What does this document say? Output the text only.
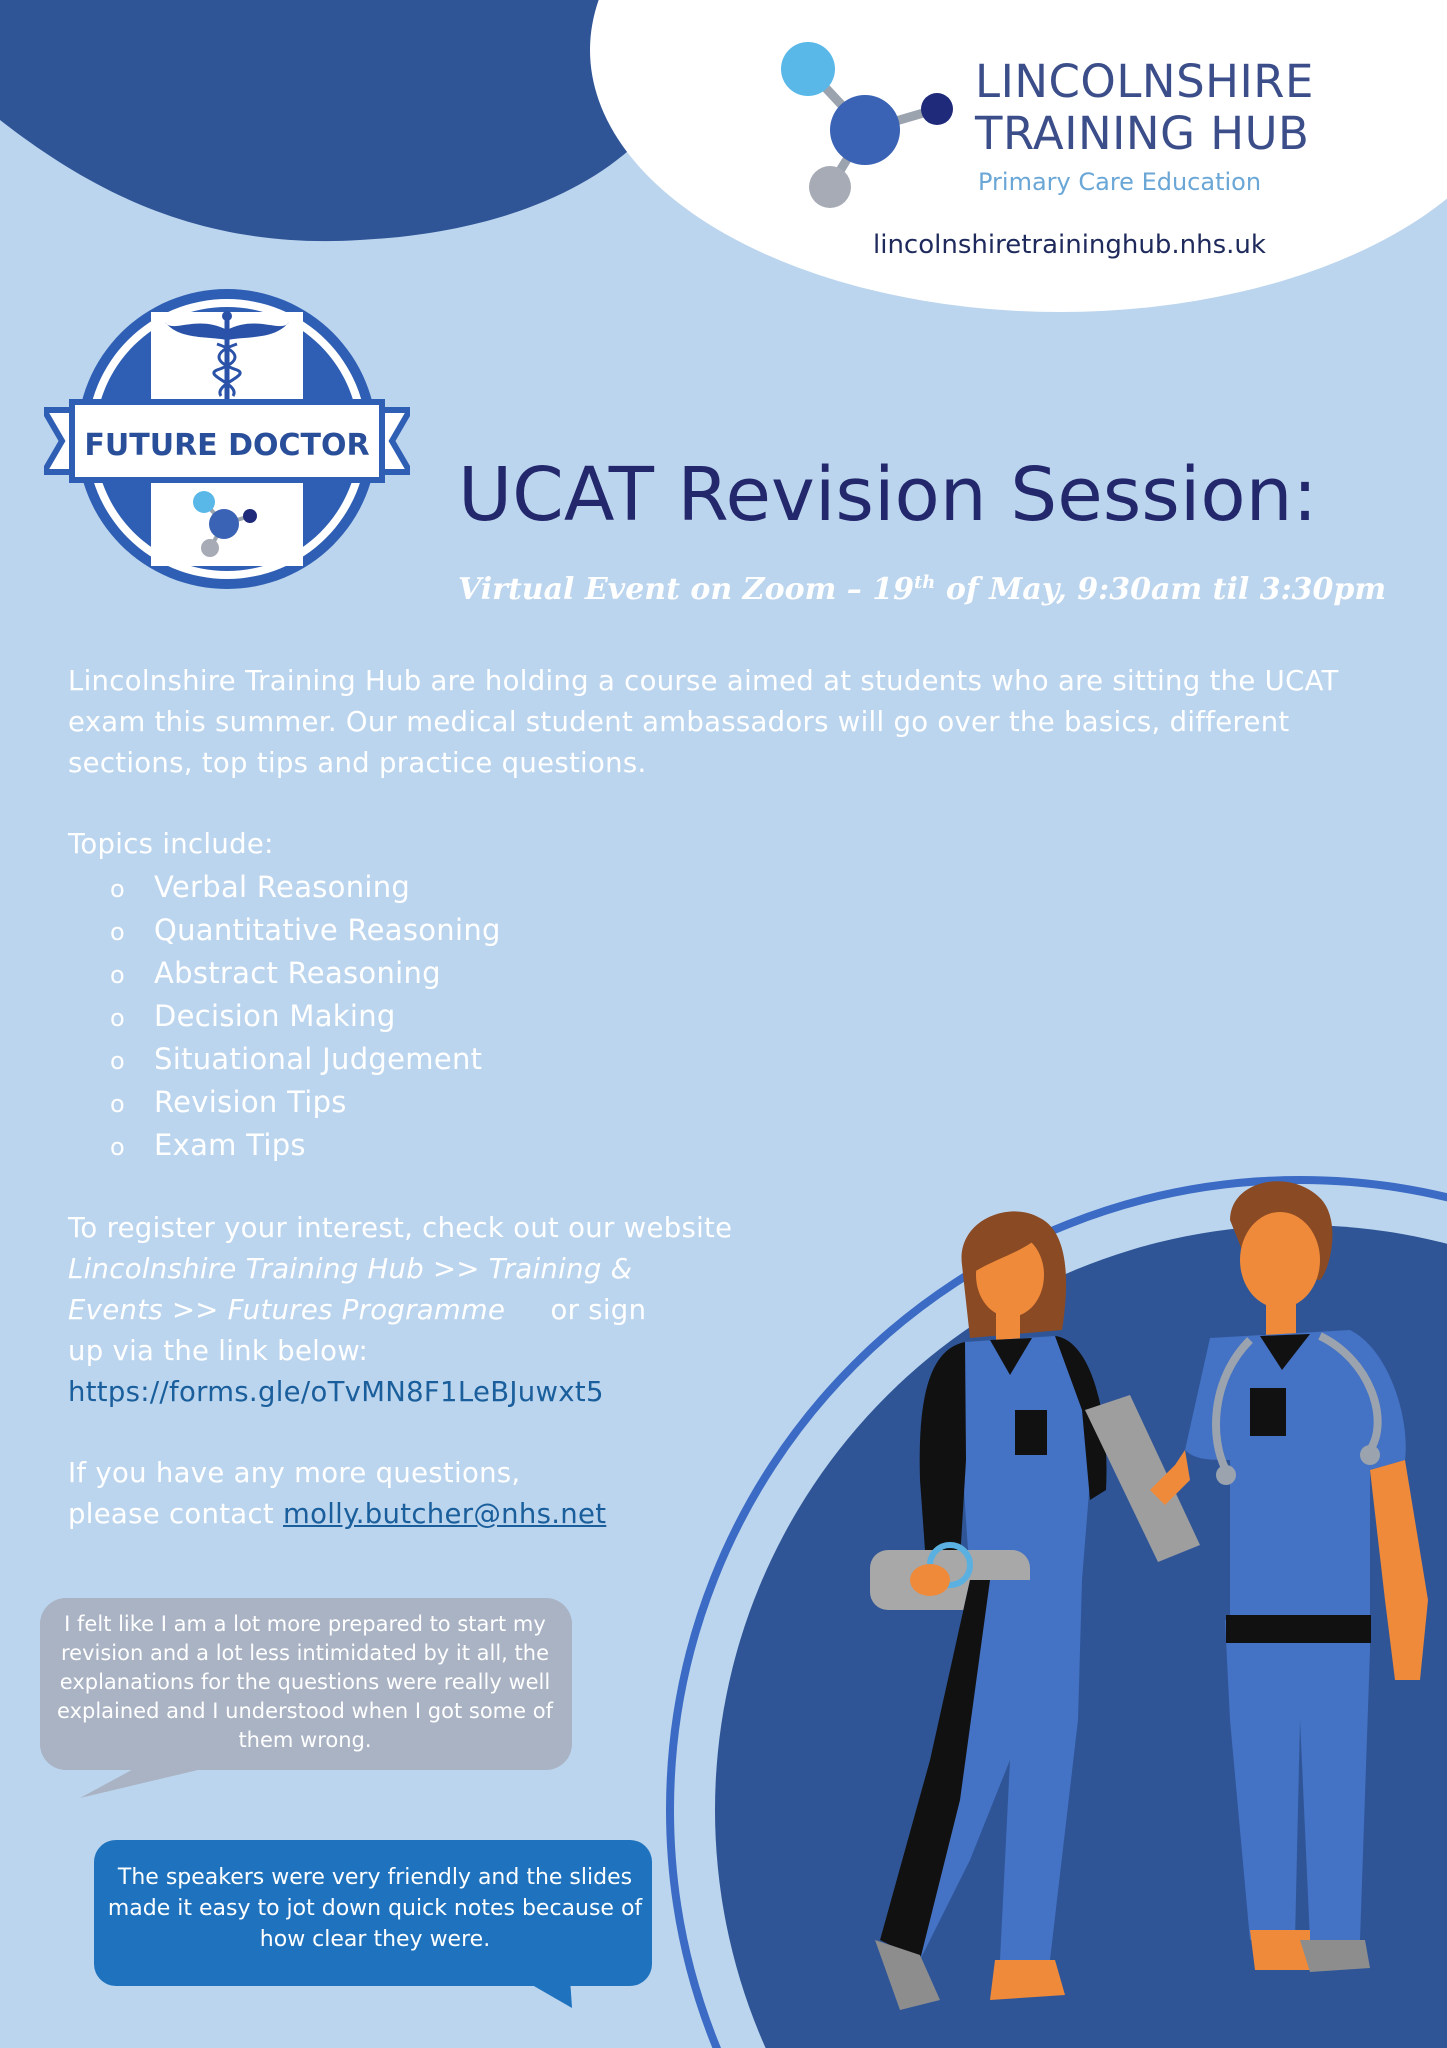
LINCOLNSHIRE
TRAINING HUB
Primary Care Education
lincolnshiretraininghub.nhs.uk
FUTURE DOCTOR
UCAT Revision Session:
Virtual Event on Zoom – 19th of May, 9:30am til 3:30pm
Lincolnshire Training Hub are holding a course aimed at students who are sitting the UCAT exam this summer. Our medical student ambassadors will go over the basics, different sections, top tips and practice questions.
Topics include:
o Verbal Reasoning
o Quantitative Reasoning
o Abstract Reasoning
o Decision Making
o Situational Judgement
o Revision Tips
o Exam Tips
To register your interest, check out our website
Lincolnshire Training Hub >> Training &
Events >> Futures Programme or sign
up via the link below:
https://forms.gle/oTvMN8F1LeBJuwxt5
If you have any more questions,
please contact molly.butcher@nhs.net
I felt like I am a lot more prepared to start my revision and a lot less intimidated by it all, the explanations for the questions were really well explained and I understood when I got some of them wrong.
The speakers were very friendly and the slides made it easy to jot down quick notes because of how clear they were.
